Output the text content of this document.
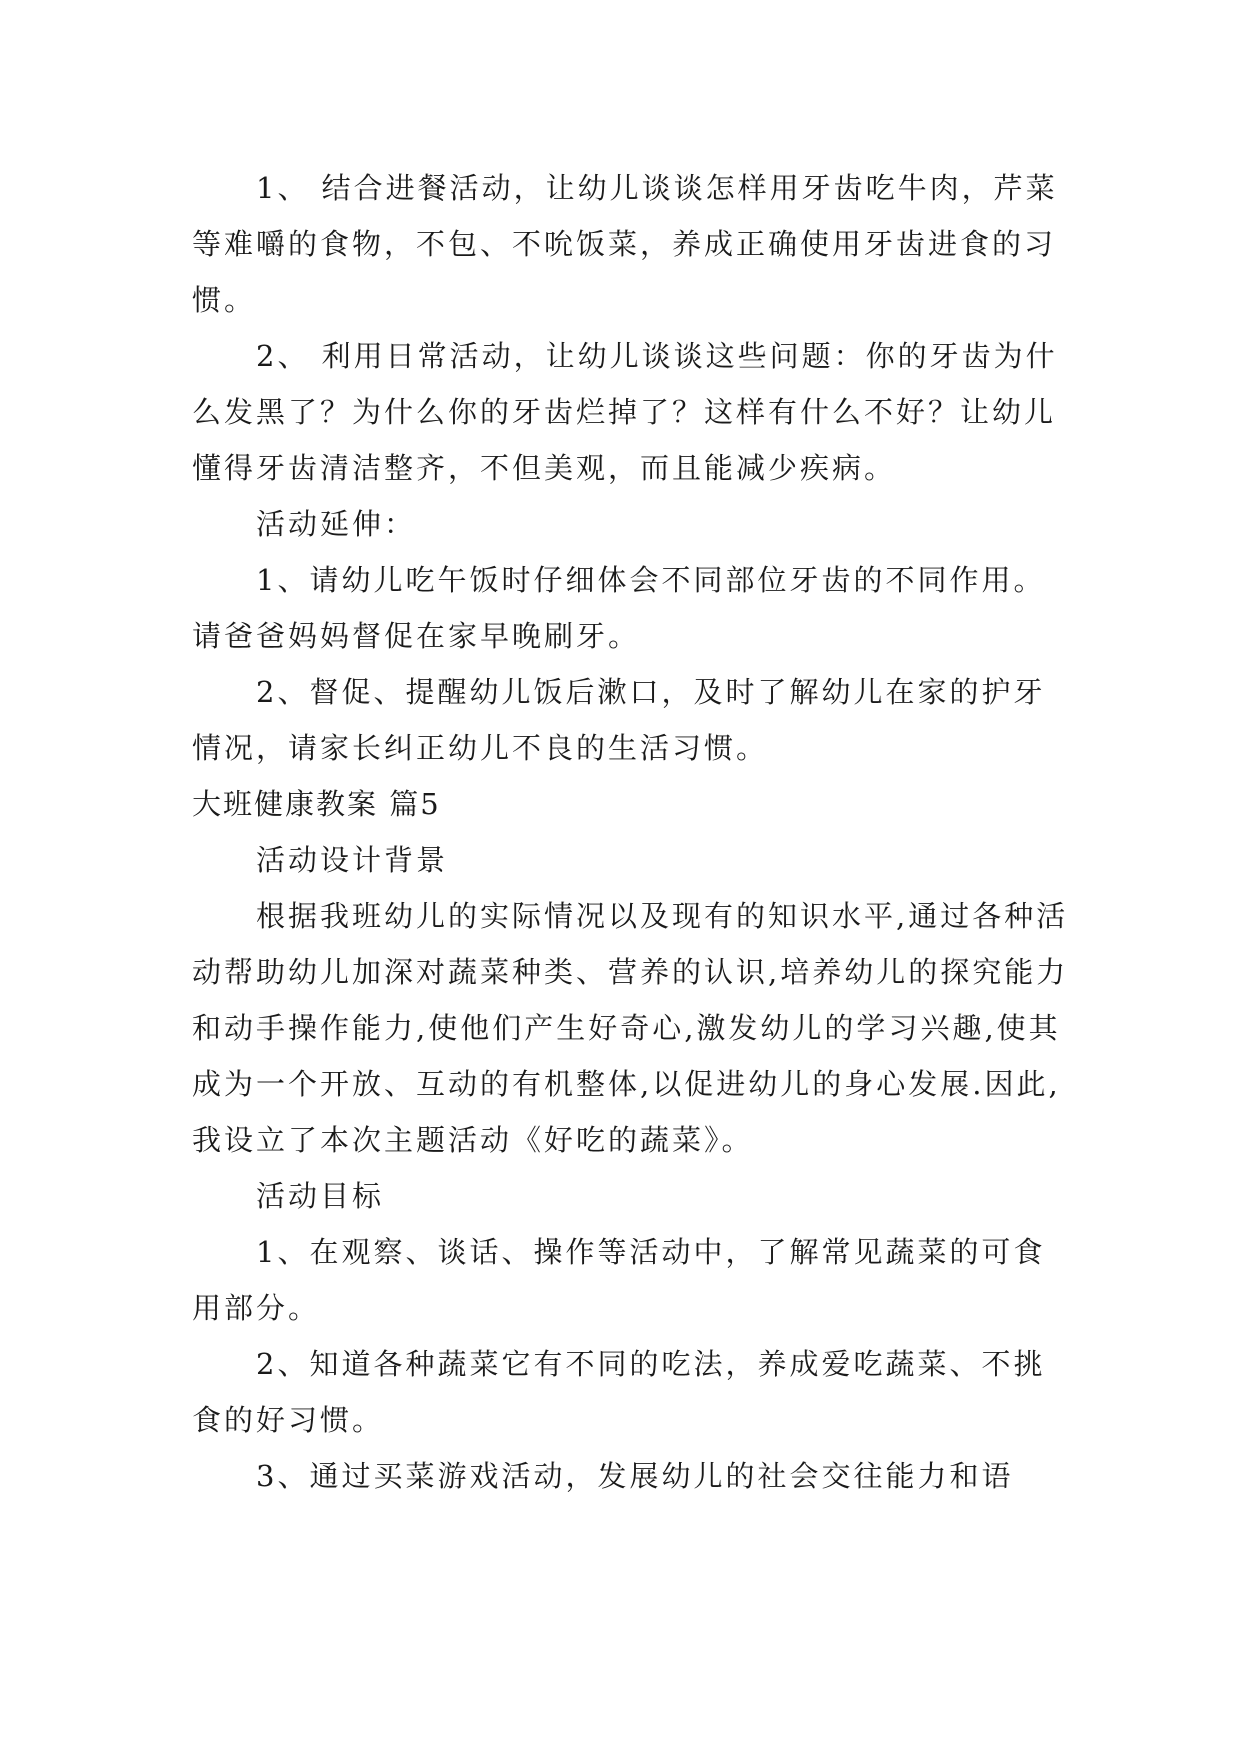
1、 结合进餐活动，让幼儿谈谈怎样用牙齿吃牛肉，芹菜等难嚼的食物，不包、不吮饭菜，养成正确使用牙齿进食的习惯。

2、 利用日常活动，让幼儿谈谈这些问题：你的牙齿为什么发黑了？为什么你的牙齿烂掉了？这样有什么不好？让幼儿懂得牙齿清洁整齐，不但美观，而且能减少疾病。

活动延伸：

1、请幼儿吃午饭时仔细体会不同部位牙齿的不同作用。请爸爸妈妈督促在家早晚刷牙。

2、督促、提醒幼儿饭后漱口，及时了解幼儿在家的护牙情况，请家长纠正幼儿不良的生活习惯。

大班健康教案 篇5

活动设计背景

根据我班幼儿的实际情况以及现有的知识水平,通过各种活动帮助幼儿加深对蔬菜种类、营养的认识,培养幼儿的探究能力和动手操作能力,使他们产生好奇心,激发幼儿的学习兴趣,使其成为一个开放、互动的有机整体,以促进幼儿的身心发展.因此,我设立了本次主题活动《好吃的蔬菜》。

活动目标

1、在观察、谈话、操作等活动中，了解常见蔬菜的可食用部分。

2、知道各种蔬菜它有不同的吃法，养成爱吃蔬菜、不挑食的好习惯。

3、通过买菜游戏活动，发展幼儿的社会交往能力和语
